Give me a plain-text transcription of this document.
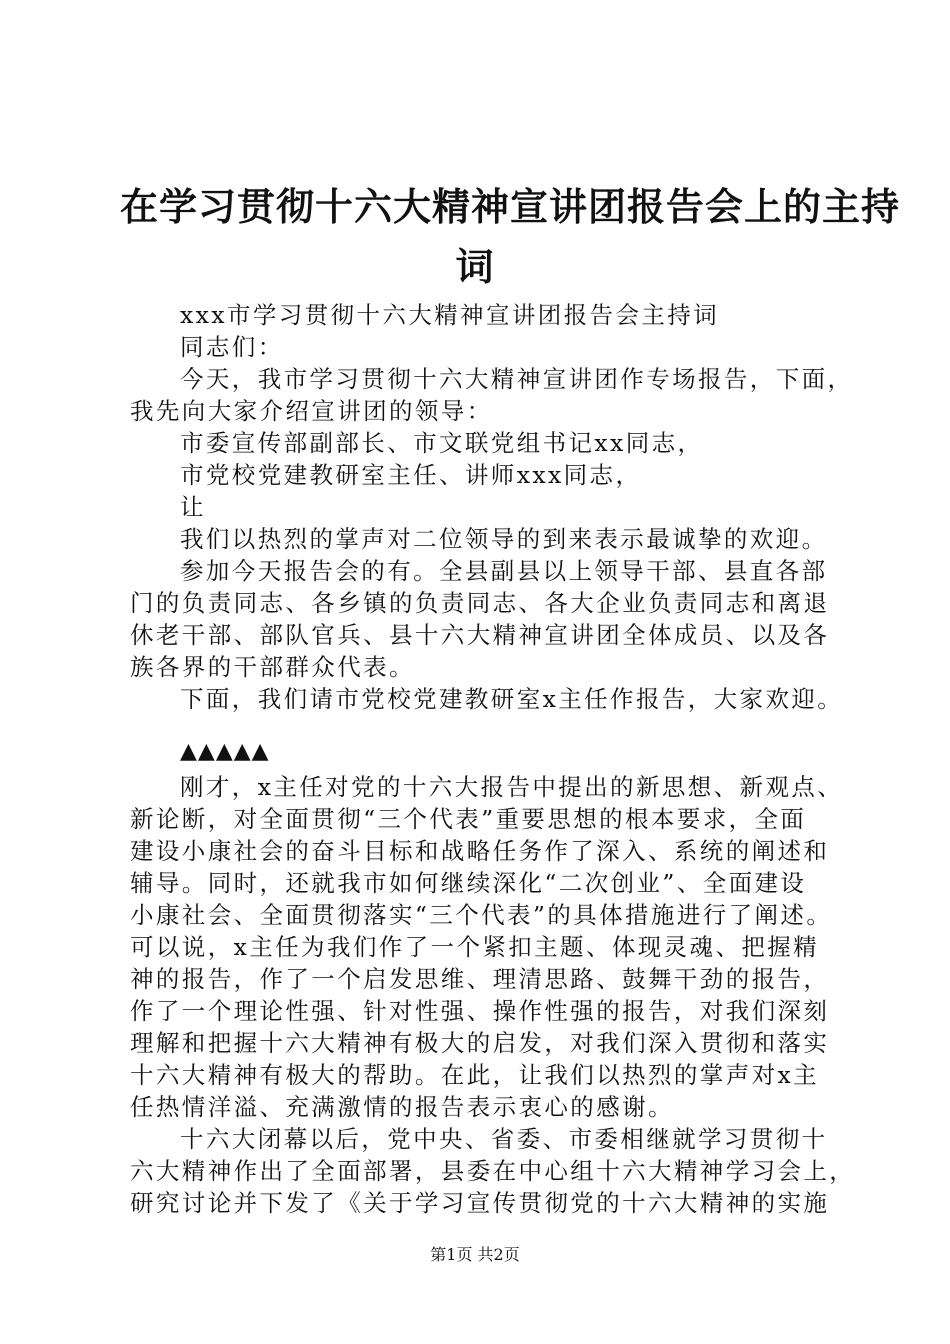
在学习贯彻十六大精神宣讲团报告会上的主持
词
xxx市学习贯彻十六大精神宣讲团报告会主持词
同志们：
今天，我市学习贯彻十六大精神宣讲团作专场报告，下面，
我先向大家介绍宣讲团的领导：
市委宣传部副部长、市文联党组书记xx同志，
市党校党建教研室主任、讲师xxx同志，
让
我们以热烈的掌声对二位领导的到来表示最诚挚的欢迎。
参加今天报告会的有。全县副县以上领导干部、县直各部
门的负责同志、各乡镇的负责同志、各大企业负责同志和离退
休老干部、部队官兵、县十六大精神宣讲团全体成员、以及各
族各界的干部群众代表。
下面，我们请市党校党建教研室x主任作报告，大家欢迎。
▲▲▲▲▲
刚才，x主任对党的十六大报告中提出的新思想、新观点、
新论断，对全面贯彻“三个代表”重要思想的根本要求，全面
建设小康社会的奋斗目标和战略任务作了深入、系统的阐述和
辅导。同时，还就我市如何继续深化“二次创业”、全面建设
小康社会、全面贯彻落实“三个代表”的具体措施进行了阐述。
可以说，x主任为我们作了一个紧扣主题、体现灵魂、把握精
神的报告，作了一个启发思维、理清思路、鼓舞干劲的报告，
作了一个理论性强、针对性强、操作性强的报告，对我们深刻
理解和把握十六大精神有极大的启发，对我们深入贯彻和落实
十六大精神有极大的帮助。在此，让我们以热烈的掌声对x主
任热情洋溢、充满激情的报告表示衷心的感谢。
十六大闭幕以后，党中央、省委、市委相继就学习贯彻十
六大精神作出了全面部署，县委在中心组十六大精神学习会上，
研究讨论并下发了《关于学习宣传贯彻党的十六大精神的实施
第1页 共2页
